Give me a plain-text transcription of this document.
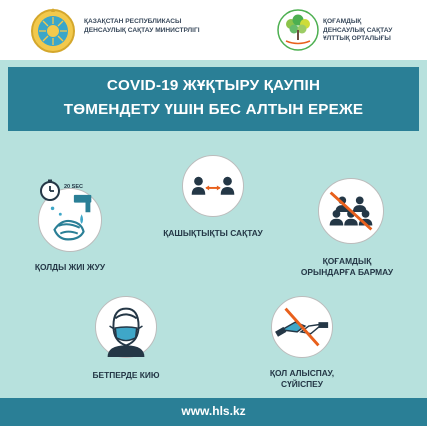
ҚАЗАҚСТАН РЕСПУБЛИКАСЫ ДЕНСАУЛЫҚ САҚТАУ МИНИСТРЛІГІ
ҚОҒАМДЫҚ
ДЕНСАУЛЫҚ САҚТАУ
ҰЛТТЫҚ ОРТАЛЫҒЫ
COVID-19 ЖҰҚТЫРУ ҚАУПІН
ТӨМЕНДЕТУ ҮШІН БЕС АЛТЫН ЕРЕЖЕ
20 SEC
ҚОЛДЫ ЖИІ ЖУУ
ҚАШЫҚТЫҚТЫ САҚТАУ
ҚОҒАМДЫҚ
ОРЫНДАРҒА БАРМАУ
БЕТПЕРДЕ КИЮ	ҚОЛ АЛЫСПАУ,
СҮЙІСПЕУ
www.hls.kz
